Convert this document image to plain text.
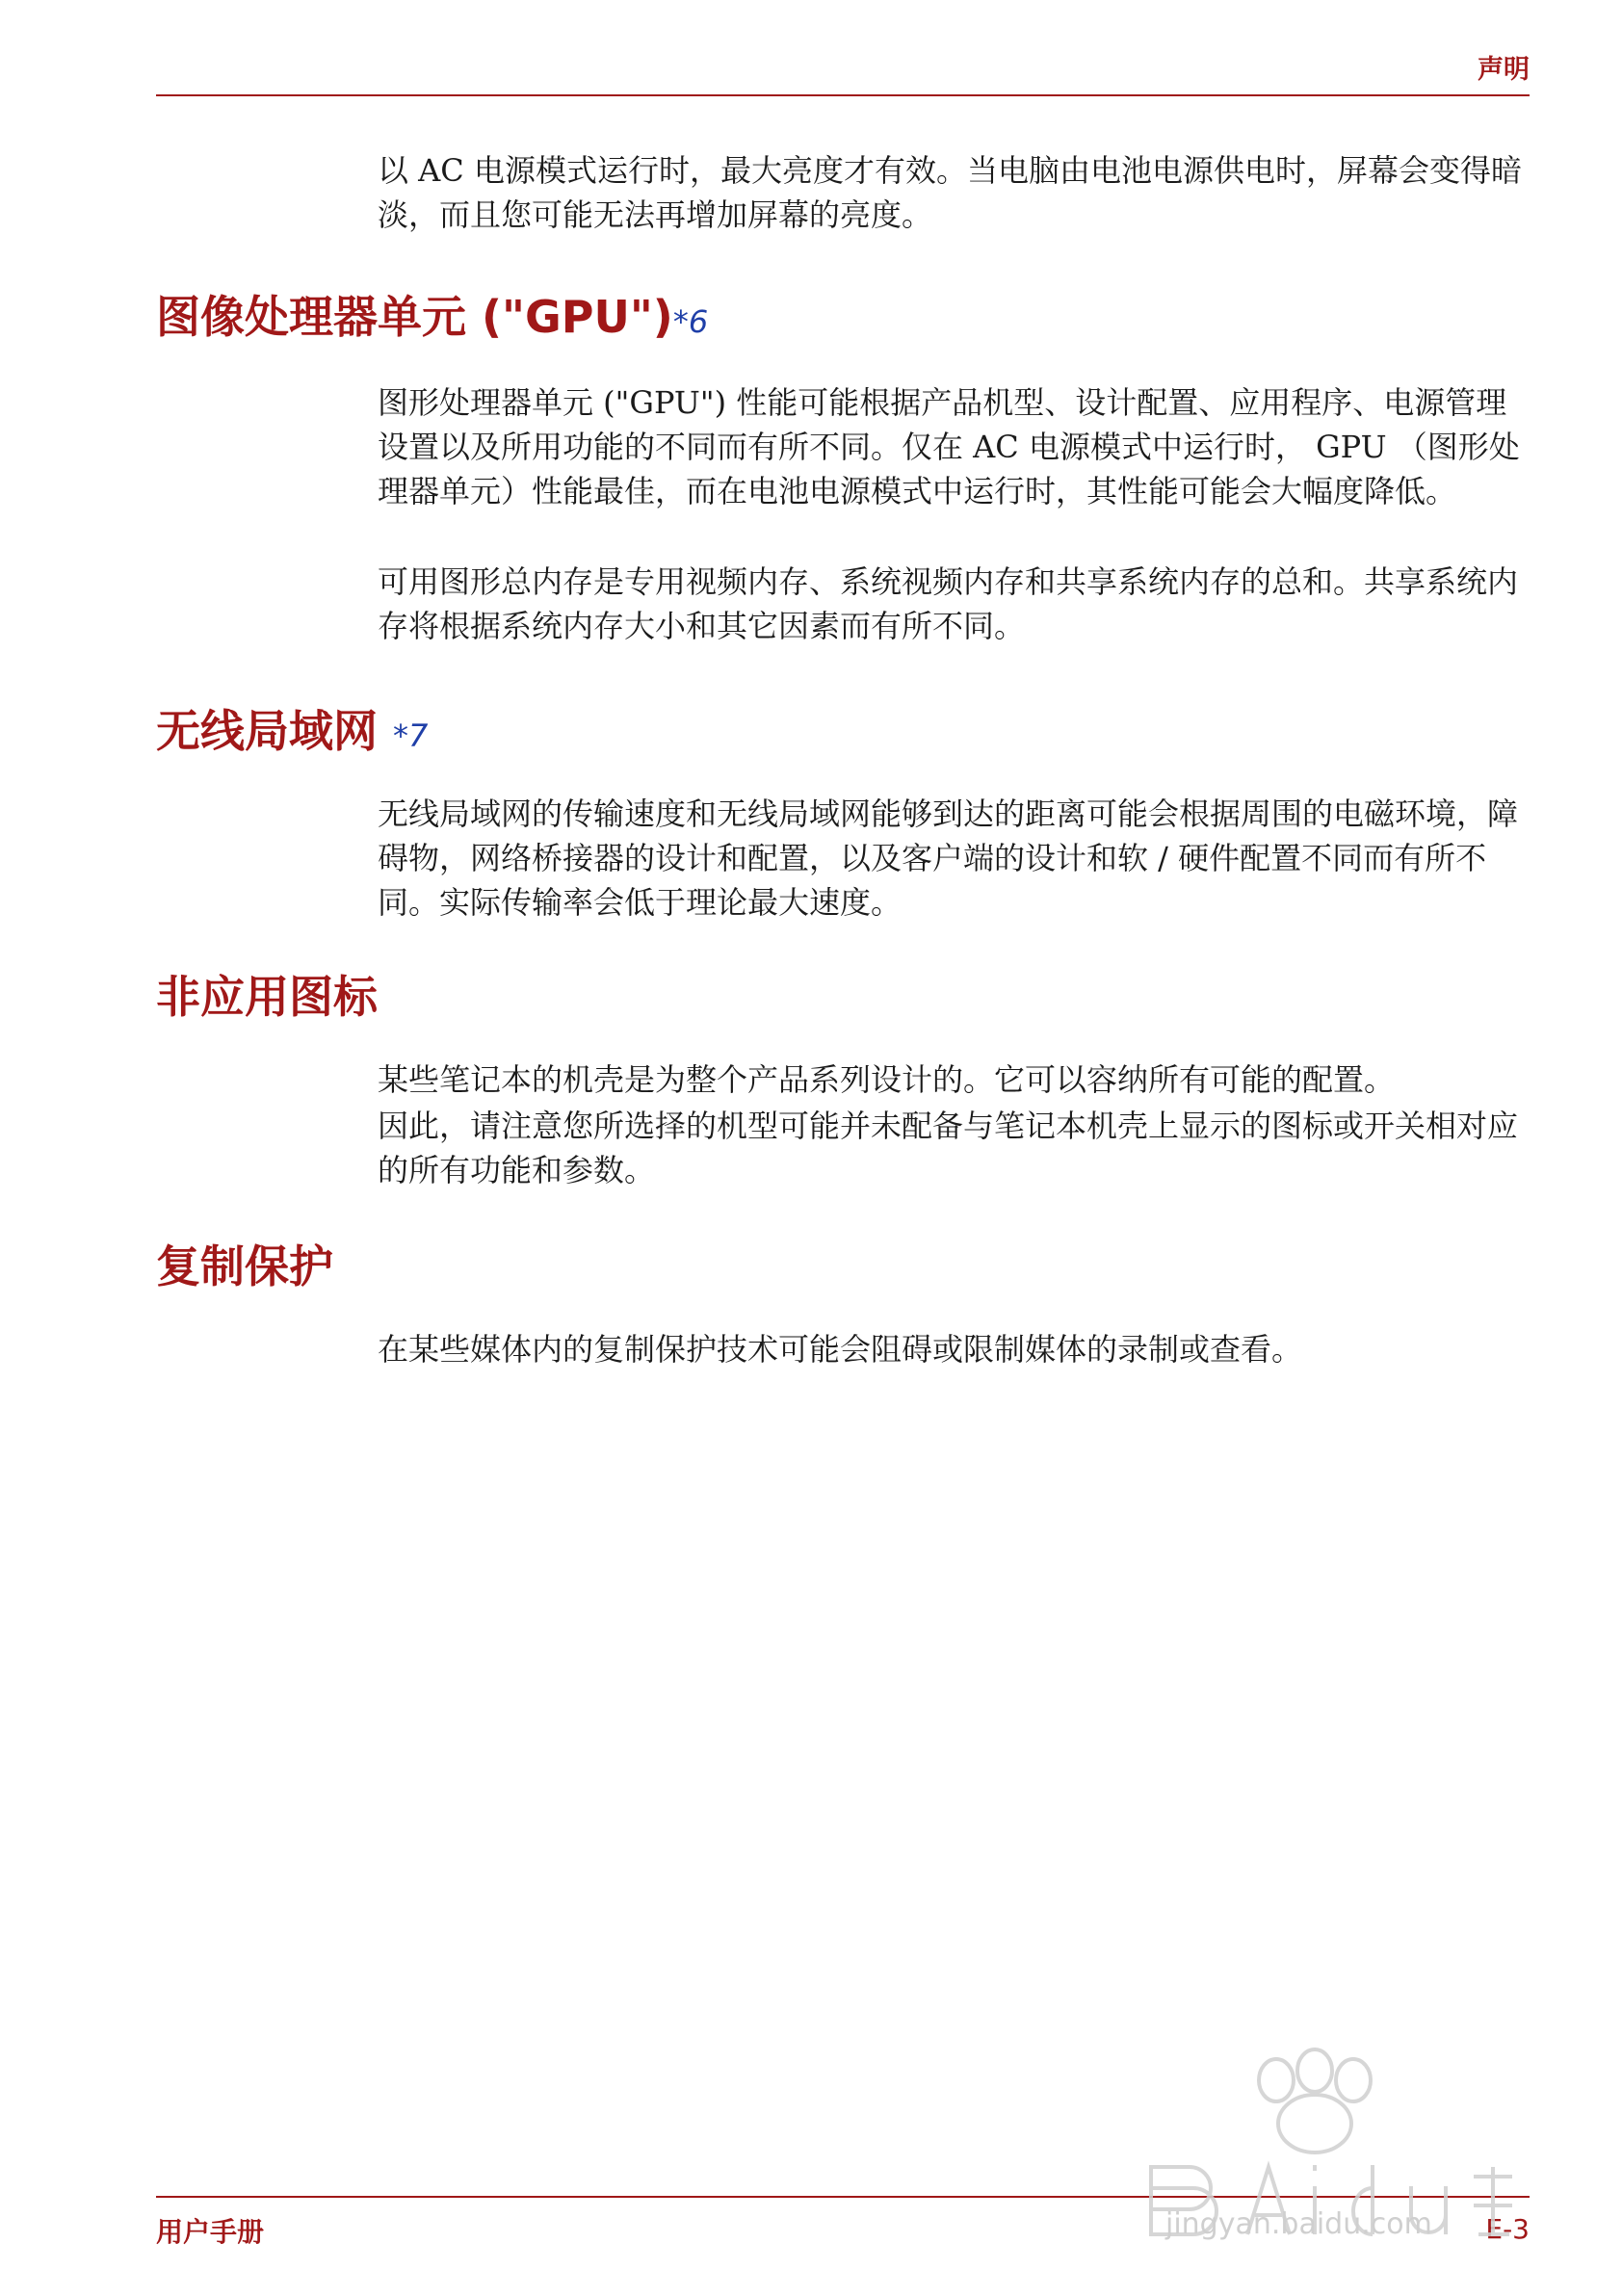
声明

以 AC 电源模式运行时，最大亮度才有效。当电脑由电池电源供电时，屏幕会变得暗淡，而且您可能无法再增加屏幕的亮度。

图像处理器单元 ("GPU")*6

图形处理器单元 ("GPU") 性能可能根据产品机型、设计配置、应用程序、电源管理设置以及所用功能的不同而有所不同。仅在 AC 电源模式中运行时， GPU （图形处理器单元）性能最佳，而在电池电源模式中运行时，其性能可能会大幅度降低。

可用图形总内存是专用视频内存、系统视频内存和共享系统内存的总和。共享系统内存将根据系统内存大小和其它因素而有所不同。

无线局域网 *7

无线局域网的传输速度和无线局域网能够到达的距离可能会根据周围的电磁环境，障碍物，网络桥接器的设计和配置，以及客户端的设计和软 / 硬件配置不同而有所不同。实际传输率会低于理论最大速度。

非应用图标

某些笔记本的机壳是为整个产品系列设计的。它可以容纳所有可能的配置。

因此，请注意您所选择的机型可能并未配备与笔记本机壳上显示的图标或开关相对应的所有功能和参数。

复制保护

在某些媒体内的复制保护技术可能会阻碍或限制媒体的录制或查看。

用户手册	E-3
jingyan.baidu.com
